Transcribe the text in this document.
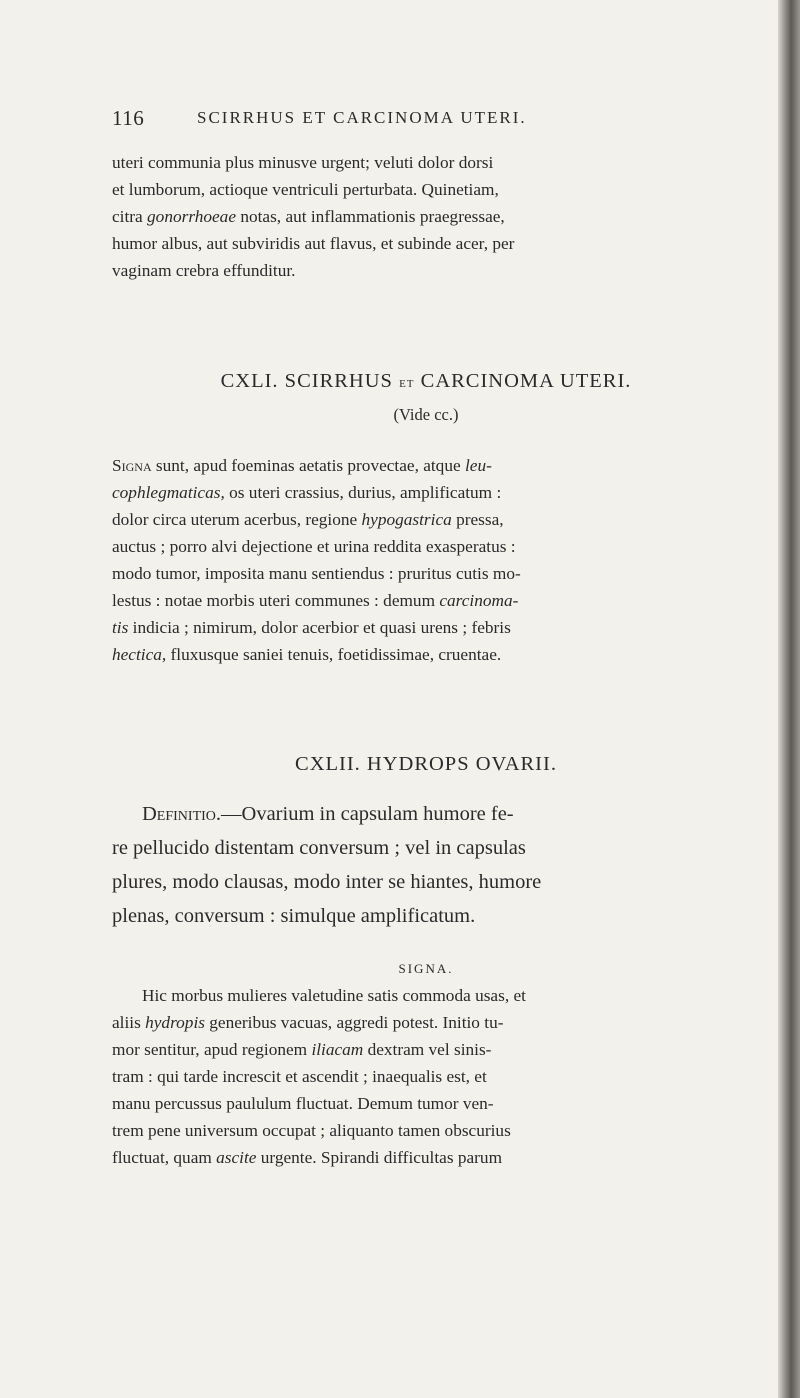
116	SCIRRHUS ET CARCINOMA UTERI.
uteri communia plus minusve urgent; veluti dolor dorsi
et lumborum, actioque ventriculi perturbata. Quinetiam,
citra gonorrhoeae notas, aut inflammationis praegressae,
humor albus, aut subviridis aut flavus, et subinde acer, per
vaginam crebra effunditur.
CXLI. SCIRRHUS et CARCINOMA UTERI.
(Vide cc.)
Signa sunt, apud foeminas aetatis provectae, atque leu-
cophlegmaticas, os uteri crassius, durius, amplificatum :
dolor circa uterum acerbus, regione hypogastrica pressa,
auctus ; porro alvi dejectione et urina reddita exasperatus :
modo tumor, imposita manu sentiendus : pruritus cutis mo-
lestus : notae morbis uteri communes : demum carcinoma-
tis indicia ; nimirum, dolor acerbior et quasi urens ; febris
hectica, fluxusque saniei tenuis, foetidissimae, cruentae.
CXLII. HYDROPS OVARII.
Definitio.—Ovarium in capsulam humore fe-
re pellucido distentam conversum ; vel in capsulas
plures, modo clausas, modo inter se hiantes, humore
plenas, conversum : simulque amplificatum.
SIGNA.
Hic morbus mulieres valetudine satis commoda usas, et
aliis hydropis generibus vacuas, aggredi potest. Initio tu-
mor sentitur, apud regionem iliacam dextram vel sinis-
tram : qui tarde increscit et ascendit ; inaequalis est, et
manu percussus paululum fluctuat. Demum tumor ven-
trem pene universum occupat ; aliquanto tamen obscurius
fluctuat, quam ascite urgente. Spirandi difficultas parum
